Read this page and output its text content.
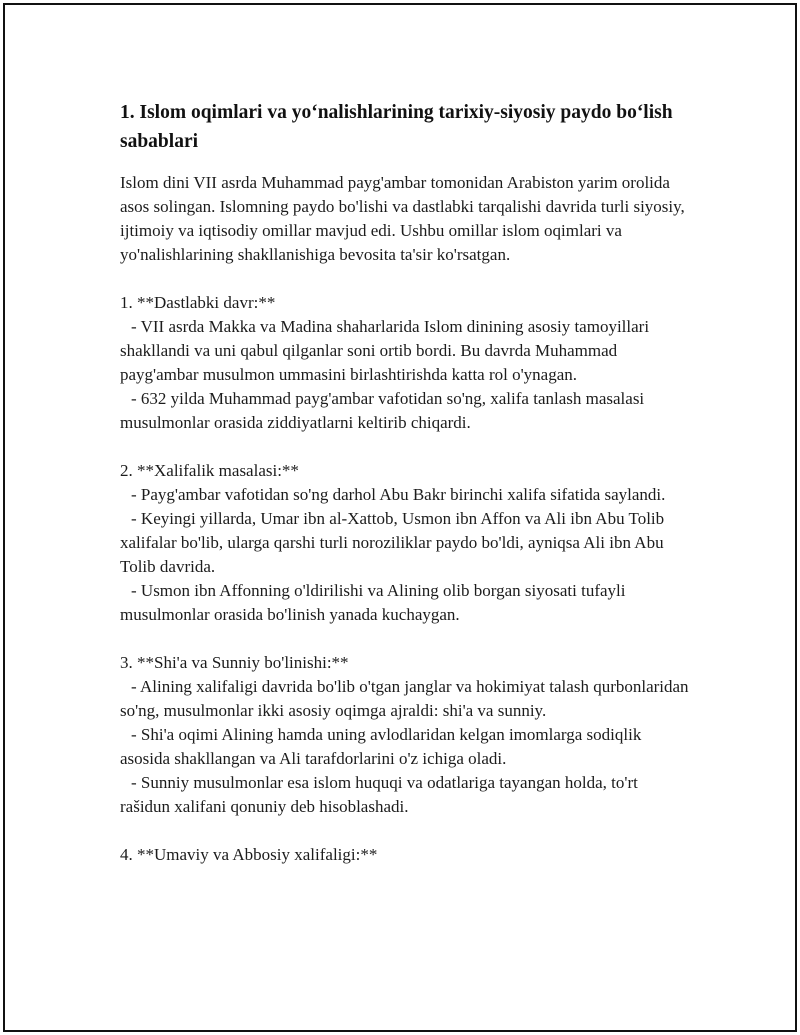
1. Islom oqimlari va yo‘nalishlarining tarixiy-siyosiy paydo bo‘lish sabablari

Islom dini VII asrda Muhammad payg'ambar tomonidan Arabiston yarim orolida asos solingan. Islomning paydo bo'lishi va dastlabki tarqalishi davrida turli siyosiy, ijtimoiy va iqtisodiy omillar mavjud edi. Ushbu omillar islom oqimlari va yo'nalishlarining shakllanishiga bevosita ta'sir ko'rsatgan.

1. **Dastlabki davr:**

- VII asrda Makka va Madina shaharlarida Islom dinining asosiy tamoyillari shakllandi va uni qabul qilganlar soni ortib bordi. Bu davrda Muhammad payg'ambar musulmon ummasini birlashtirishda katta rol o'ynagan.

- 632 yilda Muhammad payg'ambar vafotidan so'ng, xalifa tanlash masalasi musulmonlar orasida ziddiyatlarni keltirib chiqardi.

2. **Xalifalik masalasi:**

- Payg'ambar vafotidan so'ng darhol Abu Bakr birinchi xalifa sifatida saylandi.

- Keyingi yillarda, Umar ibn al-Xattob, Usmon ibn Affon va Ali ibn Abu Tolib xalifalar bo'lib, ularga qarshi turli noroziliklar paydo bo'ldi, ayniqsa Ali ibn Abu Tolib davrida.

- Usmon ibn Affonning o'ldirilishi va Alining olib borgan siyosati tufayli musulmonlar orasida bo'linish yanada kuchaygan.

3. **Shi'a va Sunniy bo'linishi:**

- Alining xalifaligi davrida bo'lib o'tgan janglar va hokimiyat talash qurbonlaridan so'ng, musulmonlar ikki asosiy oqimga ajraldi: shi'a va sunniy.

- Shi'a oqimi Alining hamda uning avlodlaridan kelgan imomlarga sodiqlik asosida shakllangan va Ali tarafdorlarini o'z ichiga oladi.

- Sunniy musulmonlar esa islom huquqi va odatlariga tayangan holda, to'rt rašidun xalifani qonuniy deb hisoblashadi.

4. **Umaviy va Abbosiy xalifaligi:**
